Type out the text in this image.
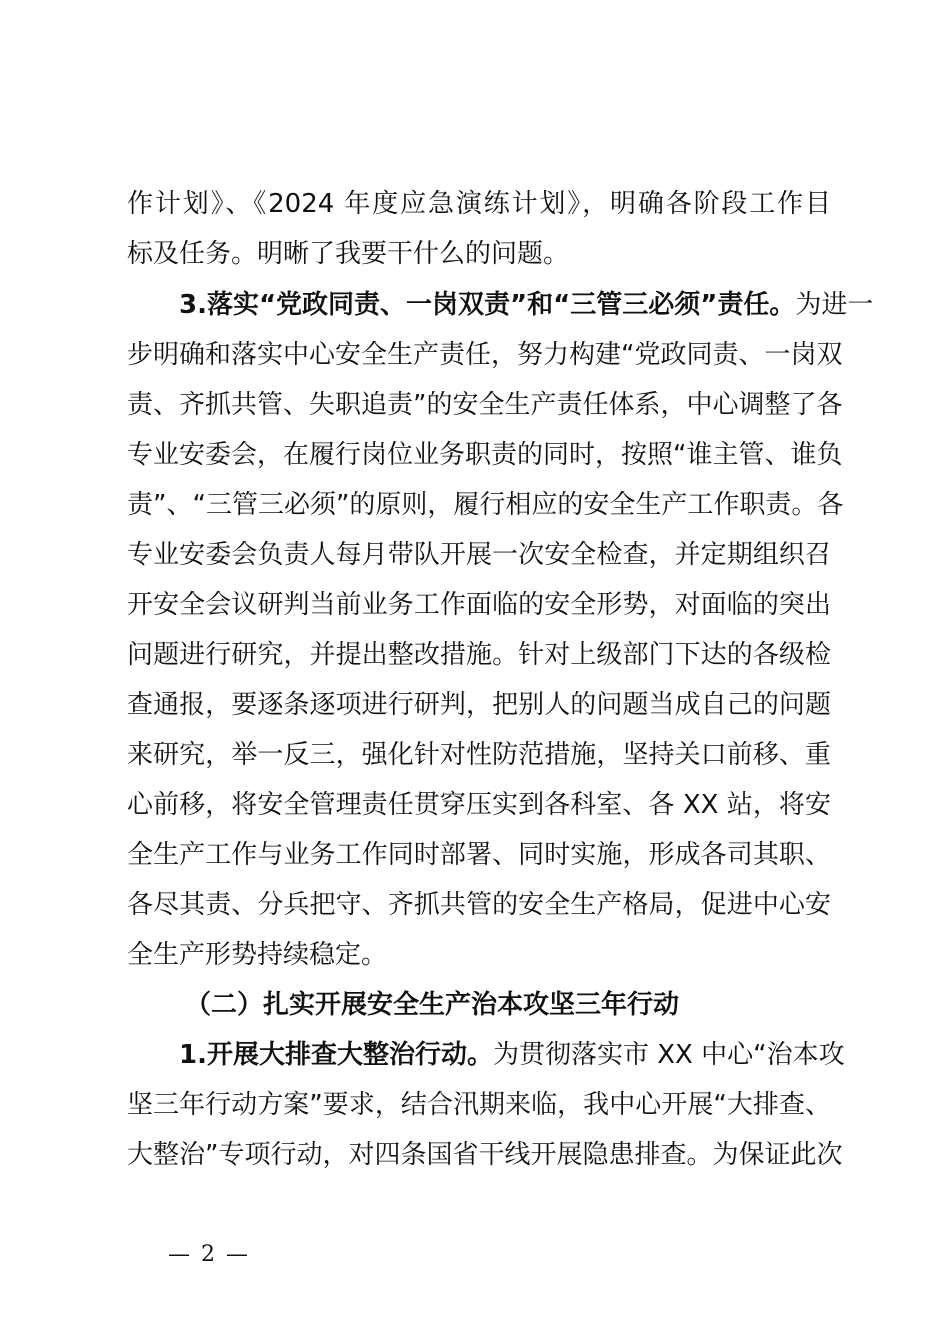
作计划》、《2024 年度应急演练计划》，明确各阶段工作目
标及任务。明晰了我要干什么的问题。
3.落实“党政同责、一岗双责”和“三管三必须”责任。为进一
步明确和落实中心安全生产责任，努力构建“党政同责、一岗双
责、齐抓共管、失职追责”的安全生产责任体系，中心调整了各
专业安委会，在履行岗位业务职责的同时，按照“谁主管、谁负
责”、“三管三必须”的原则，履行相应的安全生产工作职责。各
专业安委会负责人每月带队开展一次安全检查，并定期组织召
开安全会议研判当前业务工作面临的安全形势，对面临的突出
问题进行研究，并提出整改措施。针对上级部门下达的各级检
查通报，要逐条逐项进行研判，把别人的问题当成自己的问题
来研究，举一反三，强化针对性防范措施，坚持关口前移、重
心前移，将安全管理责任贯穿压实到各科室、各 XX 站，将安
全生产工作与业务工作同时部署、同时实施，形成各司其职、
各尽其责、分兵把守、齐抓共管的安全生产格局，促进中心安
全生产形势持续稳定。
（二）扎实开展安全生产治本攻坚三年行动
1.开展大排查大整治行动。为贯彻落实市 XX 中心“治本攻
坚三年行动方案”要求，结合汛期来临，我中心开展“大排查、
大整治”专项行动，对四条国省干线开展隐患排查。为保证此次
— 2 —
